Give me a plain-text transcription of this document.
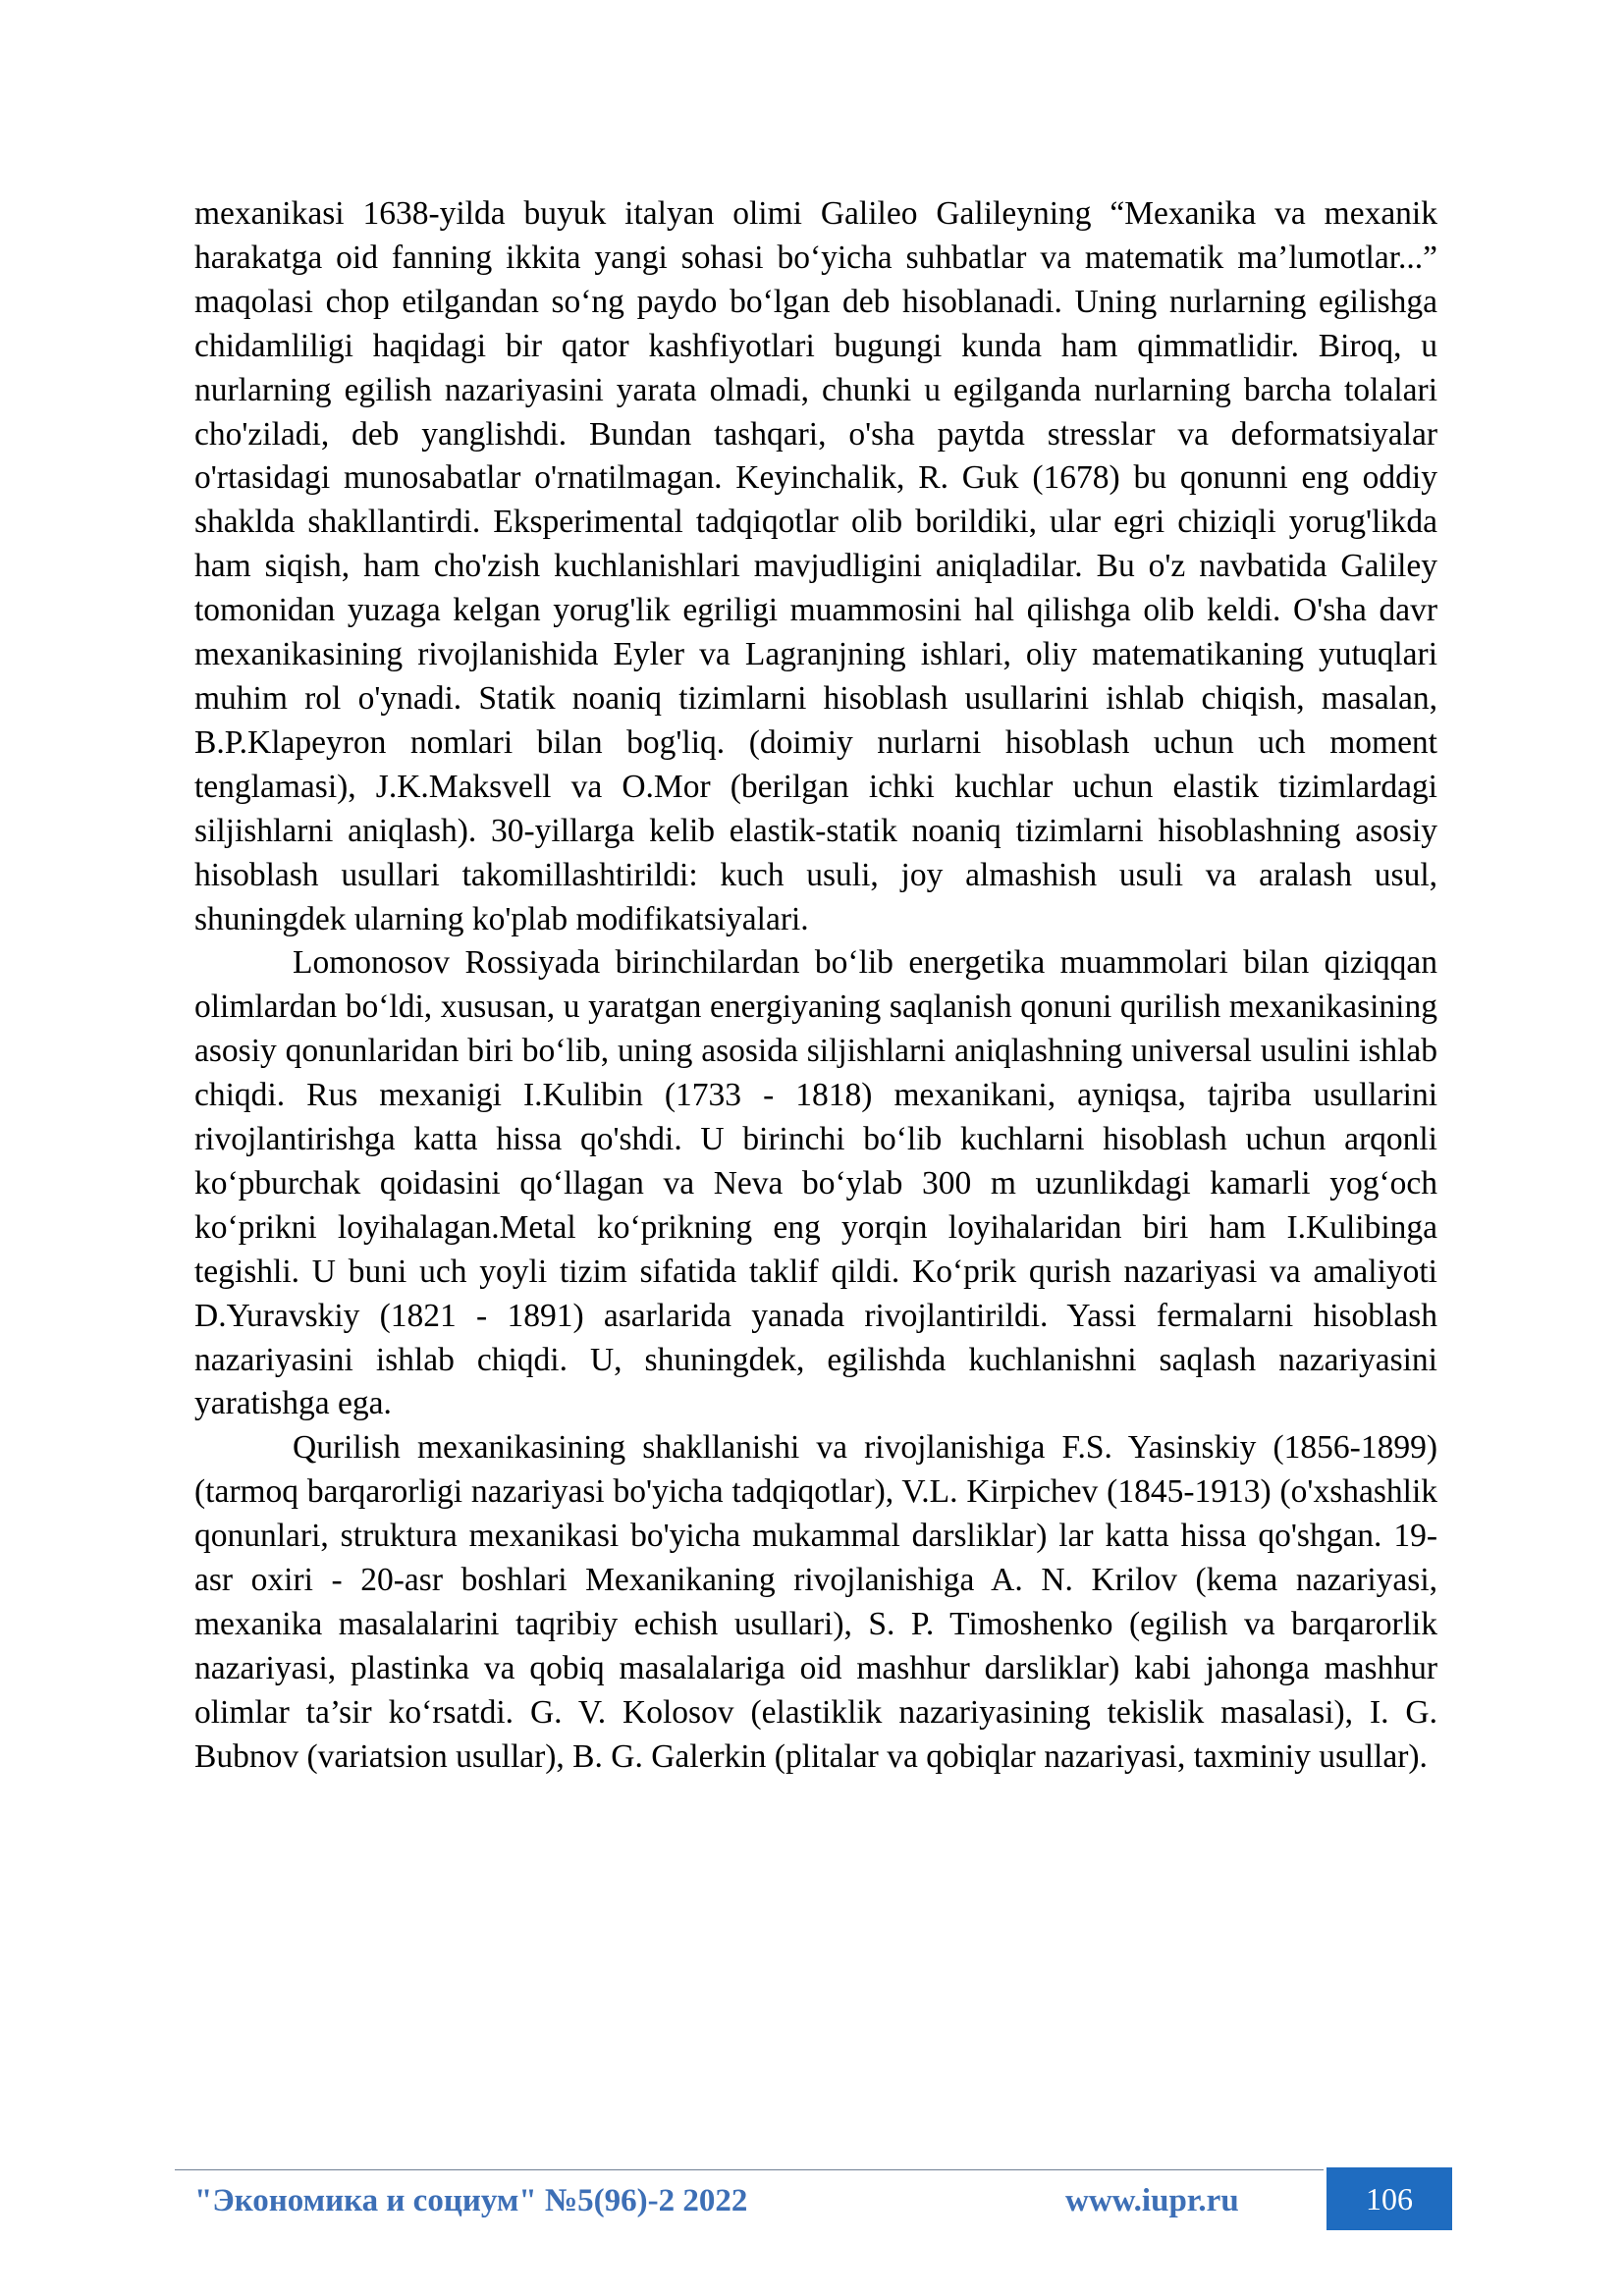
mexanikasi 1638-yilda buyuk italyan olimi Galileo Galileyning “Mexanika va mexanik harakatga oid fanning ikkita yangi sohasi bo‘yicha suhbatlar va matematik ma’lumotlar...” maqolasi chop etilgandan so‘ng paydo bo‘lgan deb hisoblanadi. Uning nurlarning egilishga chidamliligi haqidagi bir qator kashfiyotlari bugungi kunda ham qimmatlidir. Biroq, u nurlarning egilish nazariyasini yarata olmadi, chunki u egilganda nurlarning barcha tolalari cho'ziladi, deb yanglishdi. Bundan tashqari, o'sha paytda stresslar va deformatsiyalar o'rtasidagi munosabatlar o'rnatilmagan. Keyinchalik, R. Guk (1678) bu qonunni eng oddiy shaklda shakllantirdi. Eksperimental tadqiqotlar olib borildiki, ular egri chiziqli yorug'likda ham siqish, ham cho'zish kuchlanishlari mavjudligini aniqladilar. Bu o'z navbatida Galiley tomonidan yuzaga kelgan yorug'lik egriligi muammosini hal qilishga olib keldi. O'sha davr mexanikasining rivojlanishida Eyler va Lagranjning ishlari, oliy matematikaning yutuqlari muhim rol o'ynadi. Statik noaniq tizimlarni hisoblash usullarini ishlab chiqish, masalan, B.P.Klapeyron nomlari bilan bog'liq. (doimiy nurlarni hisoblash uchun uch moment tenglamasi), J.K.Maksvell va O.Mor (berilgan ichki kuchlar uchun elastik tizimlardagi siljishlarni aniqlash). 30-yillarga kelib elastik-statik noaniq tizimlarni hisoblashning asosiy hisoblash usullari takomillashtirildi: kuch usuli, joy almashish usuli va aralash usul, shuningdek ularning ko'plab modifikatsiyalari.

Lomonosov Rossiyada birinchilardan bo‘lib energetika muammolari bilan qiziqqan olimlardan bo‘ldi, xususan, u yaratgan energiyaning saqlanish qonuni qurilish mexanikasining asosiy qonunlaridan biri bo‘lib, uning asosida siljishlarni aniqlashning universal usulini ishlab chiqdi. Rus mexanigi I.Kulibin (1733 - 1818) mexanikani, ayniqsa, tajriba usullarini rivojlantirishga katta hissa qo'shdi. U birinchi bo‘lib kuchlarni hisoblash uchun arqonli ko‘pburchak qoidasini qo‘llagan va Neva bo‘ylab 300 m uzunlikdagi kamarli yog‘och ko‘prikni loyihalagan.Metal ko‘prikning eng yorqin loyihalaridan biri ham I.Kulibinga tegishli. U buni uch yoyli tizim sifatida taklif qildi. Ko‘prik qurish nazariyasi va amaliyoti D.Yuravskiy (1821 - 1891) asarlarida yanada rivojlantirildi. Yassi fermalarni hisoblash nazariyasini ishlab chiqdi. U, shuningdek, egilishda kuchlanishni saqlash nazariyasini yaratishga ega.

Qurilish mexanikasining shakllanishi va rivojlanishiga F.S. Yasinskiy (1856-1899) (tarmoq barqarorligi nazariyasi bo'yicha tadqiqotlar), V.L. Kirpichev (1845-1913) (o'xshashlik qonunlari, struktura mexanikasi bo'yicha mukammal darsliklar) lar katta hissa qo'shgan. 19-asr oxiri - 20-asr boshlari Mexanikaning rivojlanishiga A. N. Krilov (kema nazariyasi, mexanika masalalarini taqribiy echish usullari), S. P. Timoshenko (egilish va barqarorlik nazariyasi, plastinka va qobiq masalalariga oid mashhur darsliklar) kabi jahonga mashhur olimlar ta’sir ko‘rsatdi. G. V. Kolosov (elastiklik nazariyasining tekislik masalasi), I. G. Bubnov (variatsion usullar), B. G. Galerkin (plitalar va qobiqlar nazariyasi, taxminiy usullar).

"Экономика и социум" №5(96)-2 2022	www.iupr.ru	106
